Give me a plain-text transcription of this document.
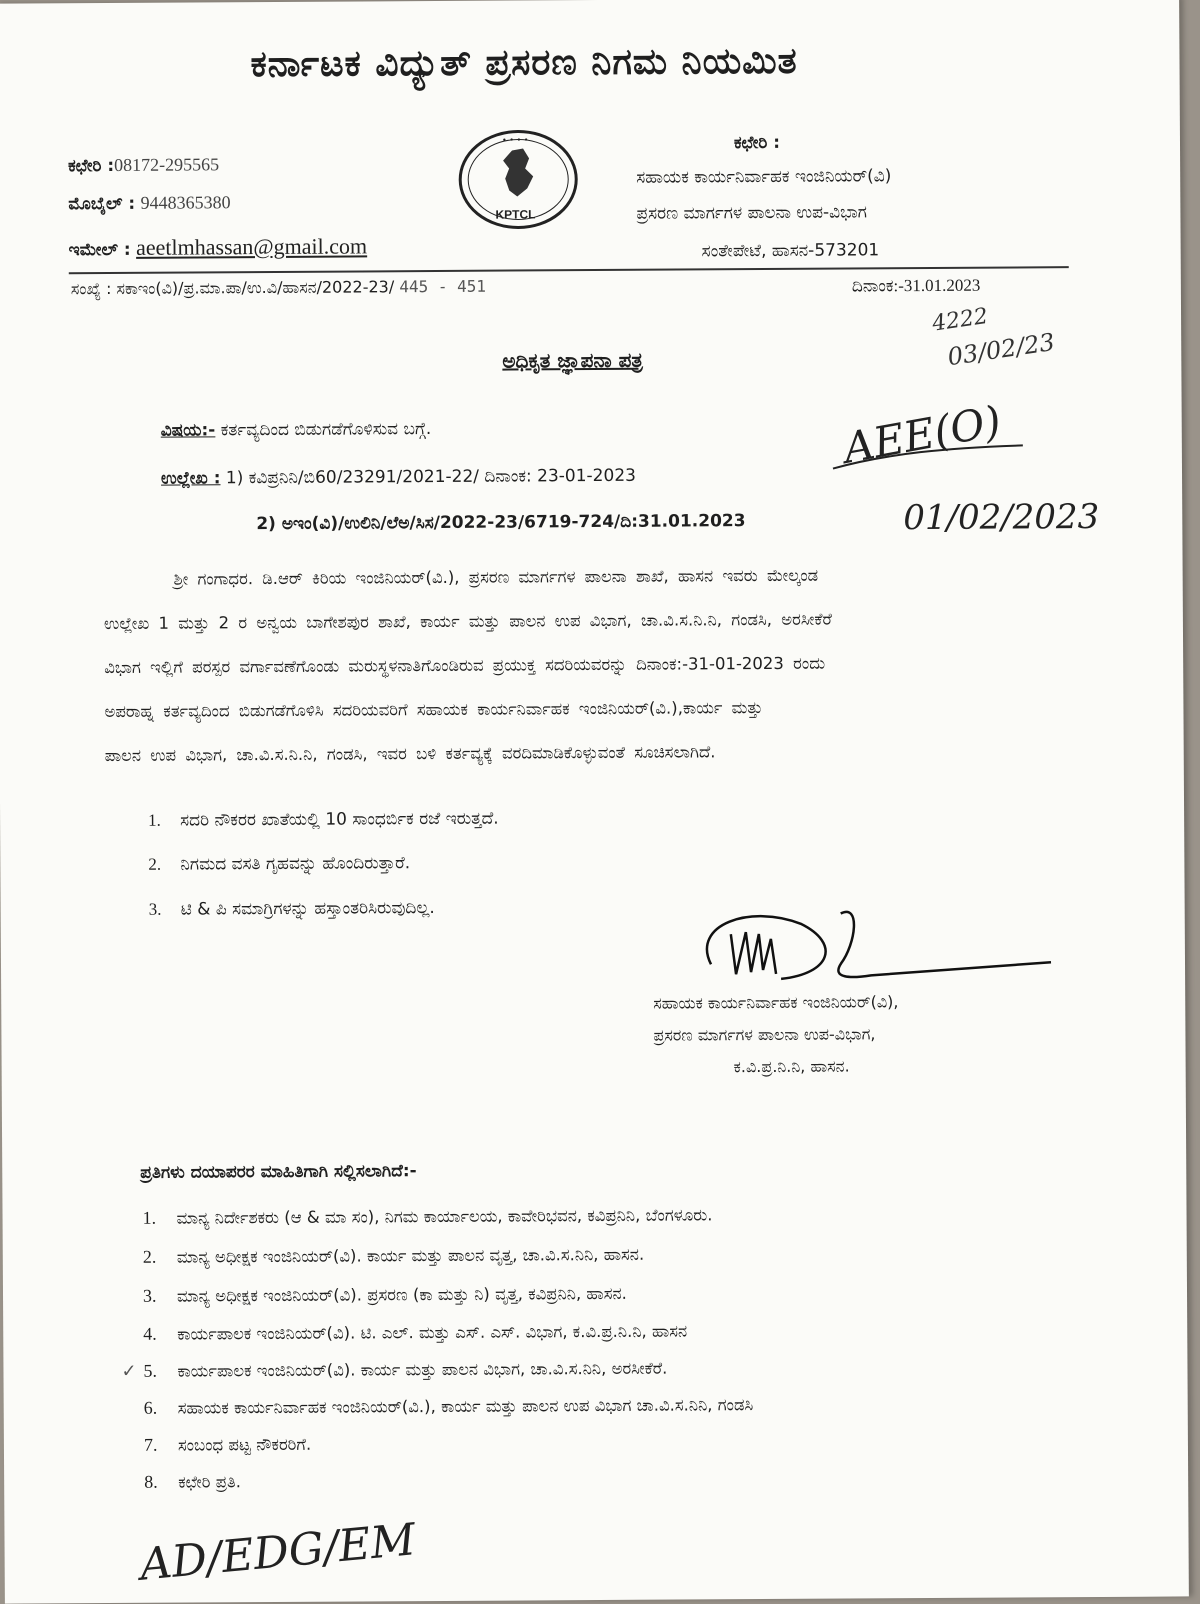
ಕರ್ನಾಟಕ ವಿದ್ಯುತ್ ಪ್ರಸರಣ ನಿಗಮ ನಿಯಮಿತ
ಕಛೇರಿ :08172-295565
ಮೊಬೈಲ್ : 9448365380
ಇಮೇಲ್ : aeetlmhassan@gmail.com
• • • •
KPTCL
ಕಛೇರಿ :
ಸಹಾಯಕ ಕಾರ್ಯನಿರ್ವಾಹಕ ಇಂಜಿನಿಯರ್(ವಿ)
ಪ್ರಸರಣ ಮಾರ್ಗಗಳ ಪಾಲನಾ ಉಪ-ವಿಭಾಗ
ಸಂತೇಪೇಟೆ, ಹಾಸನ-573201
ಸಂಖ್ಯೆ : ಸಕಾಇಂ(ವಿ)/ಪ್ರ.ಮಾ.ಪಾ/ಉ.ವಿ/ಹಾಸನ/2022-23/ 445 - 451	ದಿನಾಂಕ:-31.01.2023
ಅಧಿಕೃತ ಜ್ಞಾಪನಾ ಪತ್ರ
ವಿಷಯ:- ಕರ್ತವ್ಯದಿಂದ ಬಿಡುಗಡೆಗೊಳಿಸುವ ಬಗ್ಗೆ.
ಉಲ್ಲೇಖ : 1) ಕವಿಪ್ರನಿನಿ/ಬಿ60/23291/2021-22/ ದಿನಾಂಕ: 23-01-2023
2) ಅಇಂ(ವಿ)/ಉಲಿನಿ/ಲೆಅ/ಸಿಸ/2022-23/6719-724/ದಿ:31.01.2023

ಶ್ರೀ ಗಂಗಾಧರ. ಡಿ.ಆರ್ ಕಿರಿಯ ಇಂಜಿನಿಯರ್(ವಿ.), ಪ್ರಸರಣ ಮಾರ್ಗಗಳ ಪಾಲನಾ ಶಾಖೆ, ಹಾಸನ ಇವರು ಮೇಲ್ಕಂಡ

ಉಲ್ಲೇಖ 1 ಮತ್ತು 2 ರ ಅನ್ವಯ ಬಾಗೇಶಪುರ ಶಾಖೆ, ಕಾರ್ಯ ಮತ್ತು ಪಾಲನ ಉಪ ವಿಭಾಗ, ಚಾ.ವಿ.ಸ.ನಿ.ನಿ, ಗಂಡಸಿ, ಅರಸೀಕೆರೆ

ವಿಭಾಗ ಇಲ್ಲಿಗೆ ಪರಸ್ಪರ ವರ್ಗಾವಣೆಗೊಂಡು ಮರುಸ್ಥಳನಾತಿಗೊಂಡಿರುವ ಪ್ರಯುಕ್ತ ಸದರಿಯವರನ್ನು ದಿನಾಂಕ:-31-01-2023 ರಂದು

ಅಪರಾಹ್ನ ಕರ್ತವ್ಯದಿಂದ ಬಿಡುಗಡೆಗೊಳಿಸಿ ಸದರಿಯವರಿಗೆ ಸಹಾಯಕ ಕಾರ್ಯನಿರ್ವಾಹಕ ಇಂಜಿನಿಯರ್(ವಿ.),ಕಾರ್ಯ ಮತ್ತು

ಪಾಲನ ಉಪ ವಿಭಾಗ, ಚಾ.ವಿ.ಸ.ನಿ.ನಿ, ಗಂಡಸಿ, ಇವರ ಬಳಿ ಕರ್ತವ್ಯಕ್ಕೆ ವರದಿಮಾಡಿಕೊಳ್ಳುವಂತೆ ಸೂಚಿಸಲಾಗಿದೆ.

1. ಸದರಿ ನೌಕರರ ಖಾತೆಯಲ್ಲಿ 10 ಸಾಂಧರ್ಬಿಕ ರಜೆ ಇರುತ್ತದೆ.
2. ನಿಗಮದ ವಸತಿ ಗೃಹವನ್ನು ಹೊಂದಿರುತ್ತಾರೆ.
3. ಟಿ & ಪಿ ಸಮಾಗ್ರಿಗಳನ್ನು ಹಸ್ತಾಂತರಿಸಿರುವುದಿಲ್ಲ.
ಸಹಾಯಕ ಕಾರ್ಯನಿರ್ವಾಹಕ ಇಂಜಿನಿಯರ್(ವಿ),
ಪ್ರಸರಣ ಮಾರ್ಗಗಳ ಪಾಲನಾ ಉಪ-ವಿಭಾಗ,
ಕ.ವಿ.ಪ್ರ.ನಿ.ನಿ, ಹಾಸನ.
ಪ್ರತಿಗಳು ದಯಾಪರರ ಮಾಹಿತಿಗಾಗಿ ಸಲ್ಲಿಸಲಾಗಿದೆ:-
1. ಮಾನ್ಯ ನಿರ್ದೇಶಕರು (ಆ & ಮಾ ಸಂ), ನಿಗಮ ಕಾರ್ಯಾಲಯ, ಕಾವೇರಿಭವನ, ಕವಿಪ್ರನಿನಿ, ಬೆಂಗಳೂರು.
2. ಮಾನ್ಯ ಅಧೀಕ್ಷಕ ಇಂಜಿನಿಯರ್(ವಿ). ಕಾರ್ಯ ಮತ್ತು ಪಾಲನ ವೃತ್ತ, ಚಾ.ವಿ.ಸ.ನಿನಿ, ಹಾಸನ.
3. ಮಾನ್ಯ ಅಧೀಕ್ಷಕ ಇಂಜಿನಿಯರ್(ವಿ). ಪ್ರಸರಣ (ಕಾ ಮತ್ತು ನಿ) ವೃತ್ತ, ಕವಿಪ್ರನಿನಿ, ಹಾಸನ.
4. ಕಾರ್ಯಪಾಲಕ ಇಂಜಿನಿಯರ್(ವಿ). ಟಿ. ಎಲ್. ಮತ್ತು ಎಸ್. ಎಸ್. ವಿಭಾಗ, ಕ.ವಿ.ಪ್ರ.ನಿ.ನಿ, ಹಾಸನ
5. ಕಾರ್ಯಪಾಲಕ ಇಂಜಿನಿಯರ್(ವಿ). ಕಾರ್ಯ ಮತ್ತು ಪಾಲನ ವಿಭಾಗ, ಚಾ.ವಿ.ಸ.ನಿನಿ, ಅರಸೀಕೆರೆ.
6. ಸಹಾಯಕ ಕಾರ್ಯನಿರ್ವಾಹಕ ಇಂಜಿನಿಯರ್(ವಿ.), ಕಾರ್ಯ ಮತ್ತು ಪಾಲನ ಉಪ ವಿಭಾಗ ಚಾ.ವಿ.ಸ.ನಿನಿ, ಗಂಡಸಿ
7. ಸಂಬಂಧ ಪಟ್ಟ ನೌಕರರಿಗೆ.
8. ಕಛೇರಿ ಪ್ರತಿ.
4222
03/02/23
AEE(O)
01/02/2023
AD/EDG/EM
✓
